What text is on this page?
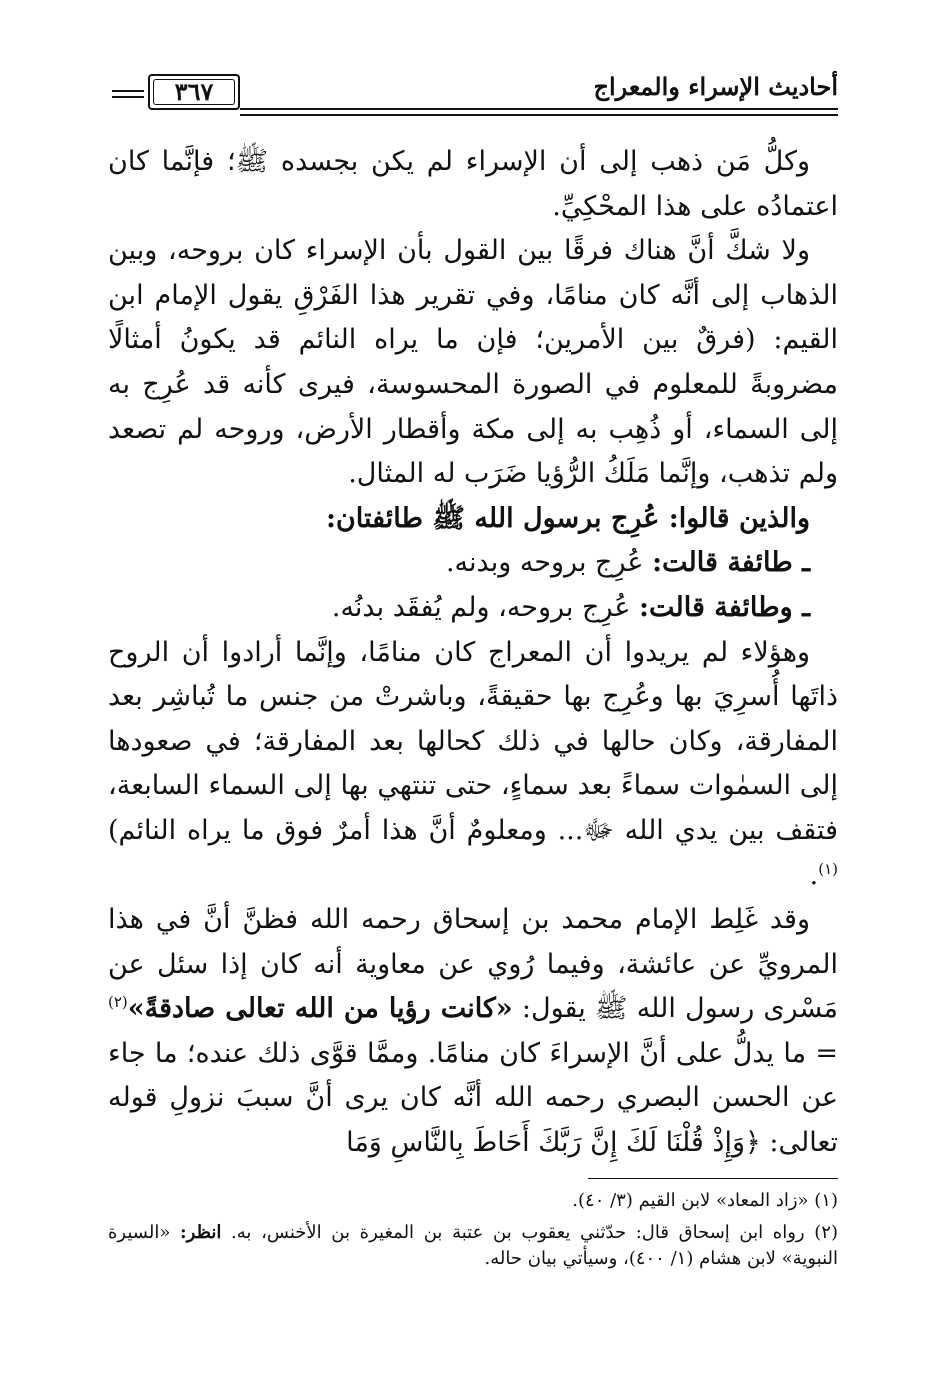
أحاديث الإسراء والمعراج
٣٦٧

وكلُّ مَن ذهب إلى أن الإسراء لم يكن بجسده ﷺ؛ فإنَّما كان اعتمادُه على هذا المحْكِيِّ.

ولا شكَّ أنَّ هناك فرقًا بين القول بأن الإسراء كان بروحه، وبين الذهاب إلى أنَّه كان منامًا، وفي تقرير هذا الفَرْقِ يقول الإمام ابن القيم: (فرقٌ بين الأمرين؛ فإن ما يراه النائم قد يكونُ أمثالًا مضروبةً للمعلوم في الصورة المحسوسة، فيرى كأنه قد عُرِج به إلى السماء، أو ذُهِب به إلى مكة وأقطار الأرض، وروحه لم تصعد ولم تذهب، وإنَّما مَلَكُ الرُّؤيا ضَرَب له المثال.

والذين قالوا: عُرِج برسول الله ﷺ طائفتان:

ـ طائفة قالت: عُرِج بروحه وبدنه.

ـ وطائفة قالت: عُرِج بروحه، ولم يُفقَد بدنُه.

وهؤلاء لم يريدوا أن المعراج كان منامًا، وإنَّما أرادوا أن الروح ذاتَها أُسرِيَ بها وعُرِج بها حقيقةً، وباشرتْ من جنس ما تُباشِر بعد المفارقة، وكان حالها في ذلك كحالها بعد المفارقة؛ في صعودها إلى السمٰوات سماءً بعد سماءٍ، حتى تنتهي بها إلى السماء السابعة، فتقف بين يدي الله ﷻ... ومعلومٌ أنَّ هذا أمرٌ فوق ما يراه النائم)$^{(١)}$.

وقد غَلِط الإمام محمد بن إسحاق رحمه الله فظنَّ أنَّ في هذا المرويِّ عن عائشة، وفيما رُوي عن معاوية أنه كان إذا سئل عن مَسْرى رسول الله ﷺ يقول: «كانت رؤيا من الله تعالى صادقةً»$^{(٢)}$ = ما يدلُّ على أنَّ الإسراءَ كان منامًا. وممَّا قوَّى ذلك عنده؛ ما جاء عن الحسن البصري رحمه الله أنَّه كان يرى أنَّ سببَ نزولِ قوله تعالى: ﴿وَإِذْ قُلْنَا لَكَ إِنَّ رَبَّكَ أَحَاطَ بِالنَّاسِ وَمَا

(١) «زاد المعاد» لابن القيم (٣/ ٤٠).

(٢) رواه ابن إسحاق قال: حدّثني يعقوب بن عتبة بن المغيرة بن الأخنس، به. انظر: «السيرة النبوية» لابن هشام (١/ ٤٠٠)، وسيأتي بيان حاله.
